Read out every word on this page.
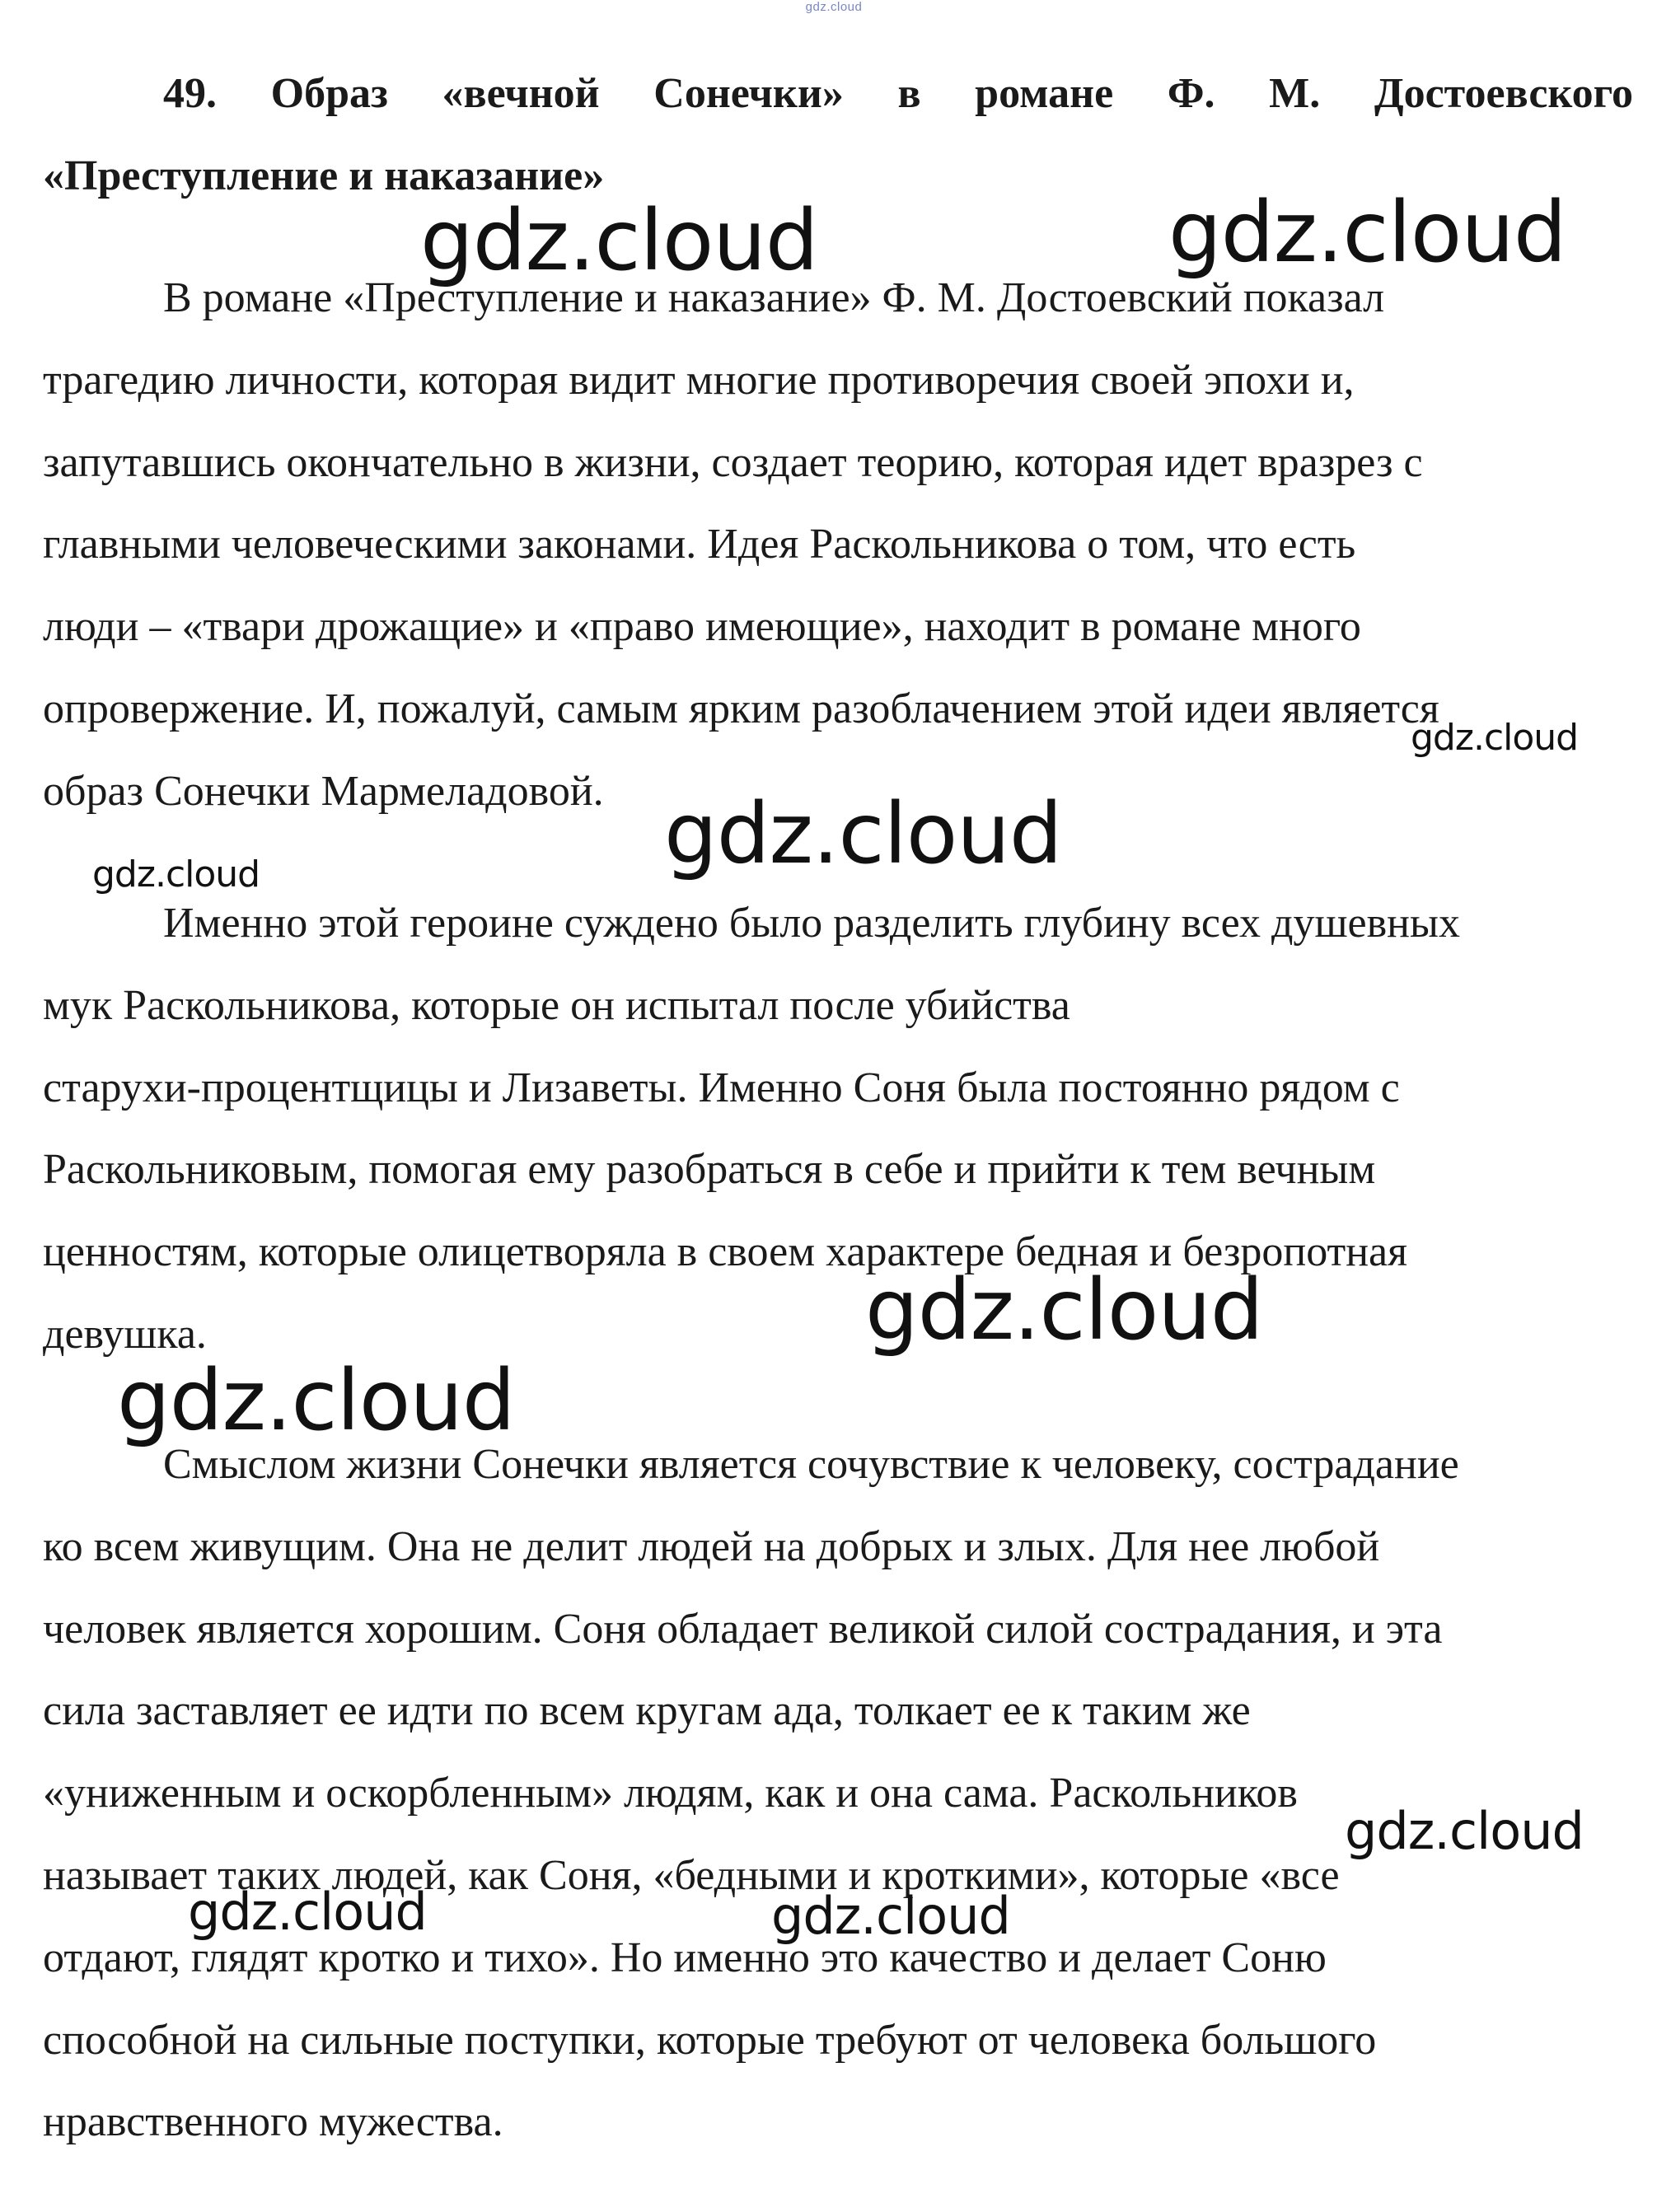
gdz.cloud
49. Образ «вечной Сонечки» в романе Ф. М. Достоевского
«Преступление и наказание»
В романе «Преступление и наказание» Ф. М. Достоевский показал
трагедию личности, которая видит многие противоречия своей эпохи и,
запутавшись окончательно в жизни, создает теорию, которая идет вразрез с
главными человеческими законами. Идея Раскольникова о том, что есть
люди – «твари дрожащие» и «право имеющие», находит в романе много
опровержение. И, пожалуй, самым ярким разоблачением этой идеи является
образ Сонечки Мармеладовой.
Именно этой героине суждено было разделить глубину всех душевных
мук Раскольникова, которые он испытал после убийства
старухи-процентщицы и Лизаветы. Именно Соня была постоянно рядом с
Раскольниковым, помогая ему разобраться в себе и прийти к тем вечным
ценностям, которые олицетворяла в своем характере бедная и безропотная
девушка.
Смыслом жизни Сонечки является сочувствие к человеку, сострадание
ко всем живущим. Она не делит людей на добрых и злых. Для нее любой
человек является хорошим. Соня обладает великой силой сострадания, и эта
сила заставляет ее идти по всем кругам ада, толкает ее к таким же
«униженным и оскорбленным» людям, как и она сама. Раскольников
называет таких людей, как Соня, «бедными и кроткими», которые «все
отдают, глядят кротко и тихо». Но именно это качество и делает Соню
способной на сильные поступки, которые требуют от человека большого
нравственного мужества.
gdz.cloud	gdz.cloud
gdz.cloud
gdz.cloud
gdz.cloud
gdz.cloud
gdz.cloud
gdz.cloud
gdz.cloud	gdz.cloud
